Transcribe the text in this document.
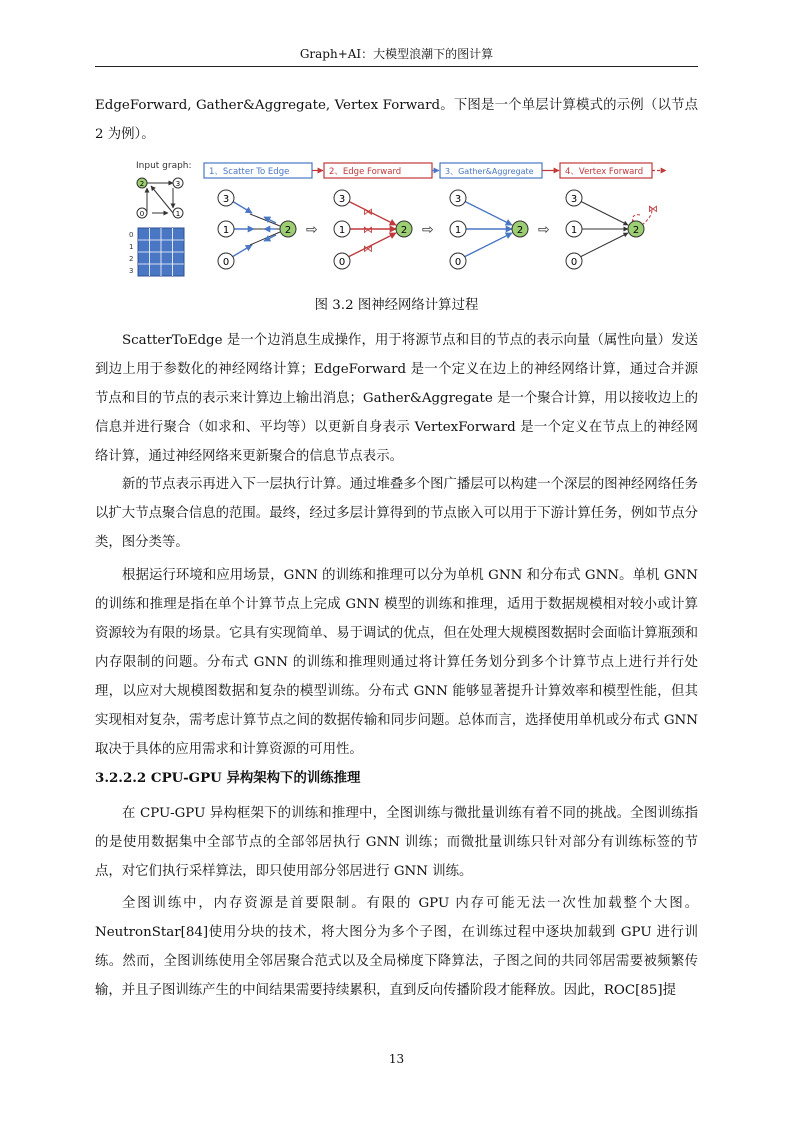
Graph+AI：大模型浪潮下的图计算

EdgeForward, Gather&Aggregate, Vertex Forward。下图是一个单层计算模式的示例（以节点 2 为例）。

Input graph:
2	3
0	1
0
1
2
3
1、Scatter To Edge	2、Edge Forward	3、Gather&Aggregate	4、Vertex Forward
3
1
0
2 ⇨
⋈
⋈
⋈
3
1
0
2 ⇨
3
1
0
2 ⇨
⋈
3
1
0
2
图 3.2 图神经网络计算过程

ScatterToEdge 是一个边消息生成操作，用于将源节点和目的节点的表示向量（属性向量）发送到边上用于参数化的神经网络计算；EdgeForward 是一个定义在边上的神经网络计算，通过合并源节点和目的节点的表示来计算边上输出消息；Gather&Aggregate 是一个聚合计算，用以接收边上的信息并进行聚合（如求和、平均等）以更新自身表示 VertexForward 是一个定义在节点上的神经网络计算，通过神经网络来更新聚合的信息节点表示。

新的节点表示再进入下一层执行计算。通过堆叠多个图广播层可以构建一个深层的图神经网络任务以扩大节点聚合信息的范围。最终，经过多层计算得到的节点嵌入可以用于下游计算任务，例如节点分类，图分类等。

根据运行环境和应用场景，GNN 的训练和推理可以分为单机 GNN 和分布式 GNN。单机 GNN 的训练和推理是指在单个计算节点上完成 GNN 模型的训练和推理，适用于数据规模相对较小或计算资源较为有限的场景。它具有实现简单、易于调试的优点，但在处理大规模图数据时会面临计算瓶颈和内存限制的问题。分布式 GNN 的训练和推理则通过将计算任务划分到多个计算节点上进行并行处理，以应对大规模图数据和复杂的模型训练。分布式 GNN 能够显著提升计算效率和模型性能，但其实现相对复杂，需考虑计算节点之间的数据传输和同步问题。总体而言，选择使用单机或分布式 GNN 取决于具体的应用需求和计算资源的可用性。

3.2.2.2 CPU-GPU 异构架构下的训练推理

在 CPU-GPU 异构框架下的训练和推理中，全图训练与微批量训练有着不同的挑战。全图训练指的是使用数据集中全部节点的全部邻居执行 GNN 训练；而微批量训练只针对部分有训练标签的节点，对它们执行采样算法，即只使用部分邻居进行 GNN 训练。

全图训练中，内存资源是首要限制。有限的 GPU 内存可能无法一次性加载整个大图。NeutronStar[84]使用分块的技术，将大图分为多个子图，在训练过程中逐块加载到 GPU 进行训练。然而，全图训练使用全邻居聚合范式以及全局梯度下降算法，子图之间的共同邻居需要被频繁传输，并且子图训练产生的中间结果需要持续累积，直到反向传播阶段才能释放。因此，ROC[85]提

13
